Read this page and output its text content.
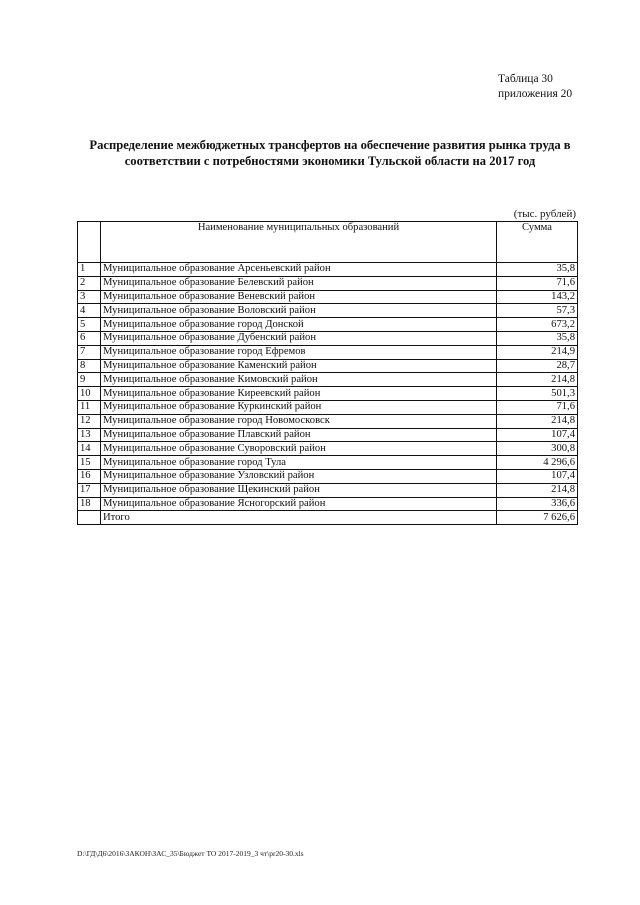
Таблица 30
приложения 20
Распределение межбюджетных трансфертов на обеспечение развития рынка труда в
соответствии с потребностями экономики Тульской области на 2017 год
(тыс. рублей)
	Наименование муниципальных образований	Сумма
1	Муниципальное образование Арсеньевский район	35,8
2	Муниципальное образование Белевский район	71,6
3	Муниципальное образование Веневский район	143,2
4	Муниципальное образование Воловский район	57,3
5	Муниципальное образование город Донской	673,2
6	Муниципальное образование Дубенский район	35,8
7	Муниципальное образование город Ефремов	214,9
8	Муниципальное образование Каменский район	28,7
9	Муниципальное образование Кимовский район	214,8
10	Муниципальное образование Киреевский район	501,3
11	Муниципальное образование Куркинский район	71,6
12	Муниципальное образование город Новомосковск	214,8
13	Муниципальное образование Плавский район	107,4
14	Муниципальное образование Суворовский район	300,8
15	Муниципальное образование город Тула	4 296,6
16	Муниципальное образование Узловский район	107,4
17	Муниципальное образование Щекинский район	214,8
18	Муниципальное образование Ясногорский район	336,6
	Итого	7 626,6
D:\ГД\Д6\2016\ЗАКОН\ЗАС_35\Бюджет ТО 2017-2019_3 чт\pr20-30.xls
